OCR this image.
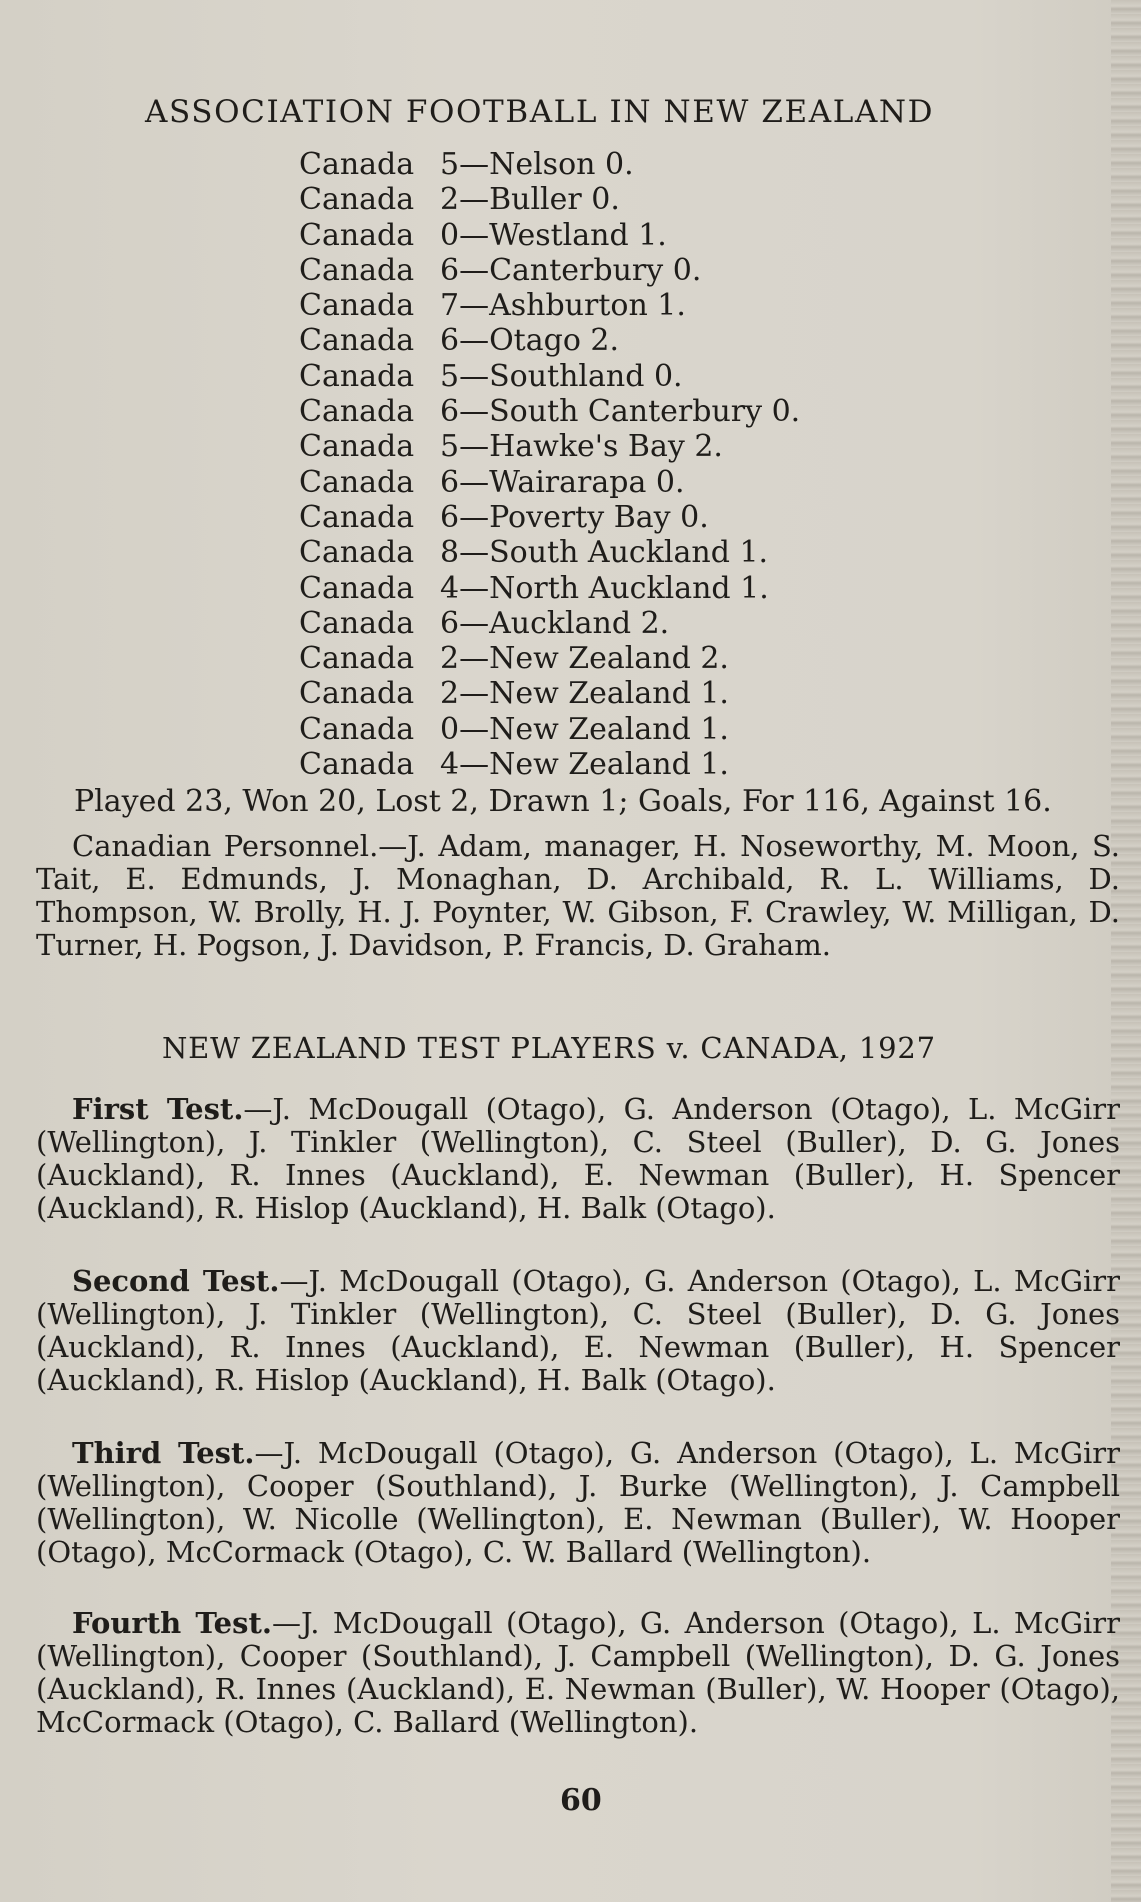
ASSOCIATION FOOTBALL IN NEW ZEALAND
Canada 5—Nelson 0.
Canada 2—Buller 0.
Canada 0—Westland 1.
Canada 6—Canterbury 0.
Canada 7—Ashburton 1.
Canada 6—Otago 2.
Canada 5—Southland 0.
Canada 6—South Canterbury 0.
Canada 5—Hawke's Bay 2.
Canada 6—Wairarapa 0.
Canada 6—Poverty Bay 0.
Canada 8—South Auckland 1.
Canada 4—North Auckland 1.
Canada 6—Auckland 2.
Canada 2—New Zealand 2.
Canada 2—New Zealand 1.
Canada 0—New Zealand 1.
Canada 4—New Zealand 1.
Played 23, Won 20, Lost 2, Drawn 1; Goals, For 116, Against 16.

Canadian Personnel.—J. Adam, manager, H. Noseworthy, M. Moon, S. Tait, E. Edmunds, J. Monaghan, D. Archibald, R. L. Williams, D. Thompson, W. Brolly, H. J. Poynter, W. Gibson, F. Crawley, W. Milligan, D. Turner, H. Pogson, J. Davidson, P. Francis, D. Graham.

NEW ZEALAND TEST PLAYERS v. CANADA, 1927

First Test.—J. McDougall (Otago), G. Anderson (Otago), L. McGirr (Wellington), J. Tinkler (Wellington), C. Steel (Buller), D. G. Jones (Auckland), R. Innes (Auckland), E. Newman (Buller), H. Spencer (Auckland), R. Hislop (Auckland), H. Balk (Otago).

Second Test.—J. McDougall (Otago), G. Anderson (Otago), L. McGirr (Wellington), J. Tinkler (Wellington), C. Steel (Buller), D. G. Jones (Auckland), R. Innes (Auckland), E. Newman (Buller), H. Spencer (Auckland), R. Hislop (Auckland), H. Balk (Otago).

Third Test.—J. McDougall (Otago), G. Anderson (Otago), L. McGirr (Wellington), Cooper (Southland), J. Burke (Wellington), J. Campbell (Wellington), W. Nicolle (Wellington), E. Newman (Buller), W. Hooper (Otago), McCormack (Otago), C. W. Ballard (Wellington).

Fourth Test.—J. McDougall (Otago), G. Anderson (Otago), L. McGirr (Wellington), Cooper (Southland), J. Campbell (Wellington), D. G. Jones (Auckland), R. Innes (Auckland), E. Newman (Buller), W. Hooper (Otago), McCormack (Otago), C. Ballard (Wellington).

60
